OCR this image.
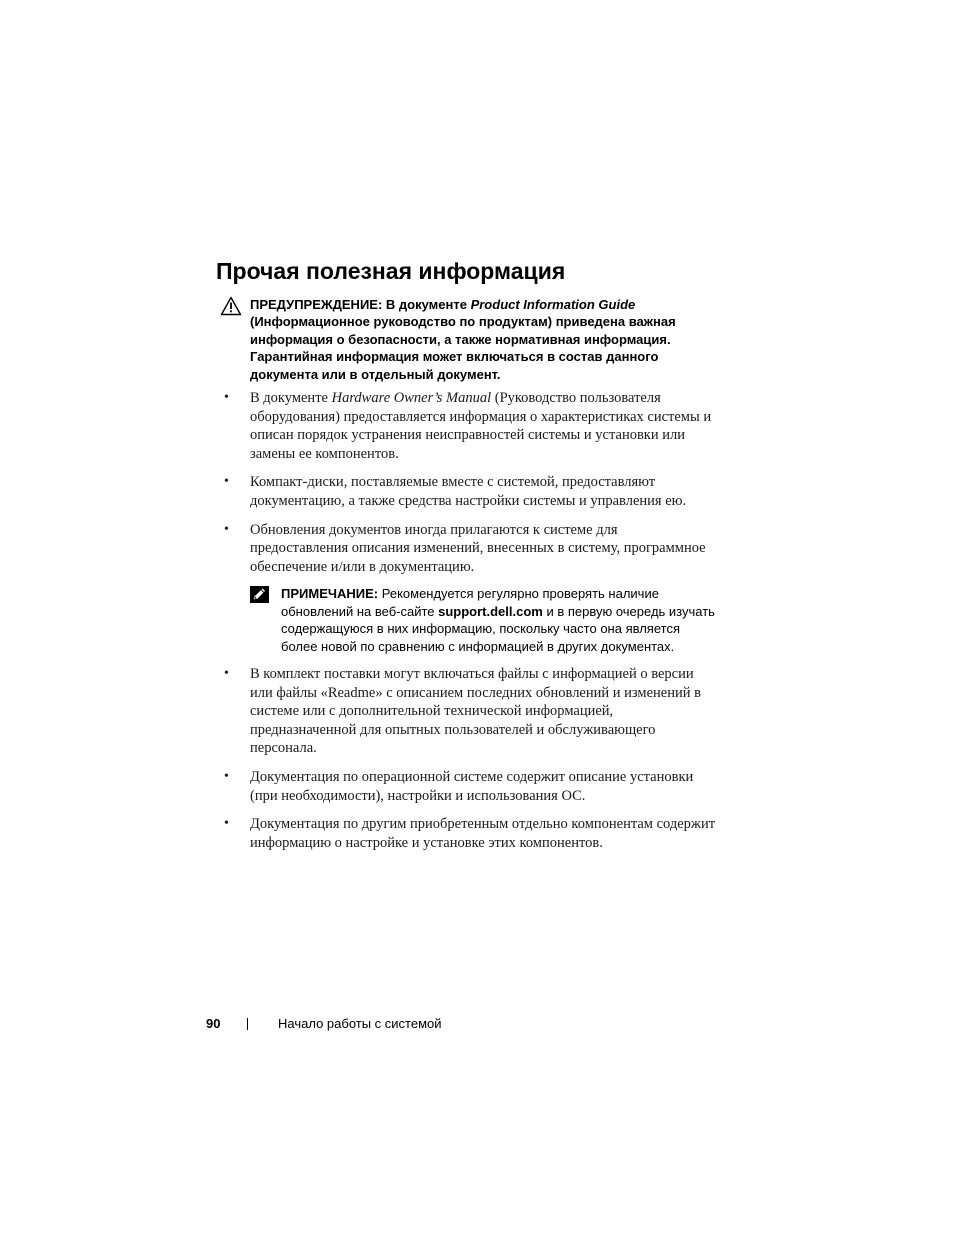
Прочая полезная информация
ПРЕДУПРЕЖДЕНИЕ: В документе Product Information Guide (Информационное руководство по продуктам) приведена важная информация о безопасности, а также нормативная информация. Гарантийная информация может включаться в состав данного документа или в отдельный документ.
• В документе Hardware Owner’s Manual (Руководство пользователя оборудования) предоставляется информация о характеристиках системы и описан порядок устранения неисправностей системы и установки или замены ее компонентов.
• Компакт-диски, поставляемые вместе с системой, предоставляют документацию, а также средства настройки системы и управления ею.
• Обновления документов иногда прилагаются к системе для предоставления описания изменений, внесенных в систему, программное обеспечение и/или в документацию.
ПРИМЕЧАНИЕ: Рекомендуется регулярно проверять наличие обновлений на веб-сайте support.dell.com и в первую очередь изучать содержащуюся в них информацию, поскольку часто она является более новой по сравнению с информацией в других документах.
• В комплект поставки могут включаться файлы с информацией о версии или файлы «Readme» с описанием последних обновлений и изменений в системе или с дополнительной технической информацией, предназначенной для опытных пользователей и обслуживающего персонала.
• Документация по операционной системе содержит описание установки (при необходимости), настройки и использования ОС.
• Документация по другим приобретенным отдельно компонентам содержит информацию о настройке и установке этих компонентов.
90	Начало работы с системой
